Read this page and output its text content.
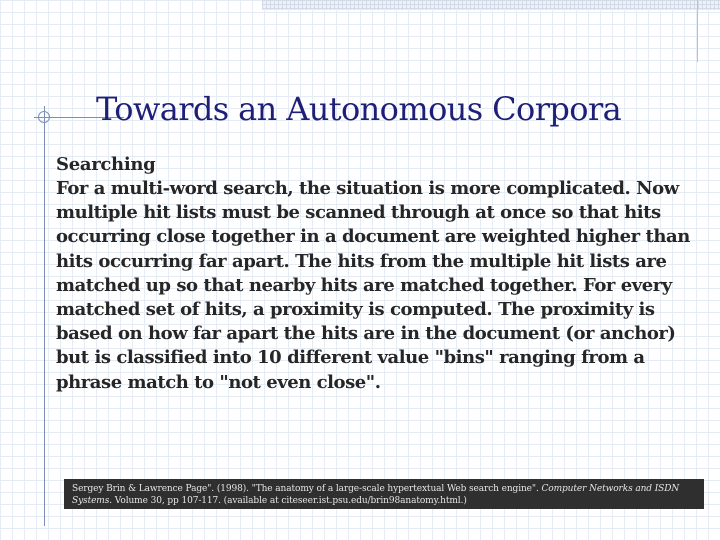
Towards an Autonomous Corpora
Searching

For a multi-word search, the situation is more complicated. Now multiple hit lists must be scanned through at once so that hits occurring close together in a document are weighted higher than hits occurring far apart. The hits from the multiple hit lists are matched up so that nearby hits are matched together. For every matched set of hits, a proximity is computed. The proximity is based on how far apart the hits are in the document (or anchor) but is classified into 10 different value "bins" ranging from a phrase match to "not even close".

Sergey Brin & Lawrence Page". (1998). "The anatomy of a large-scale hypertextual Web search engine". Computer Networks and ISDN Systems. Volume 30, pp 107-117. (available at citeseer.ist.psu.edu/brin98anatomy.html.)
